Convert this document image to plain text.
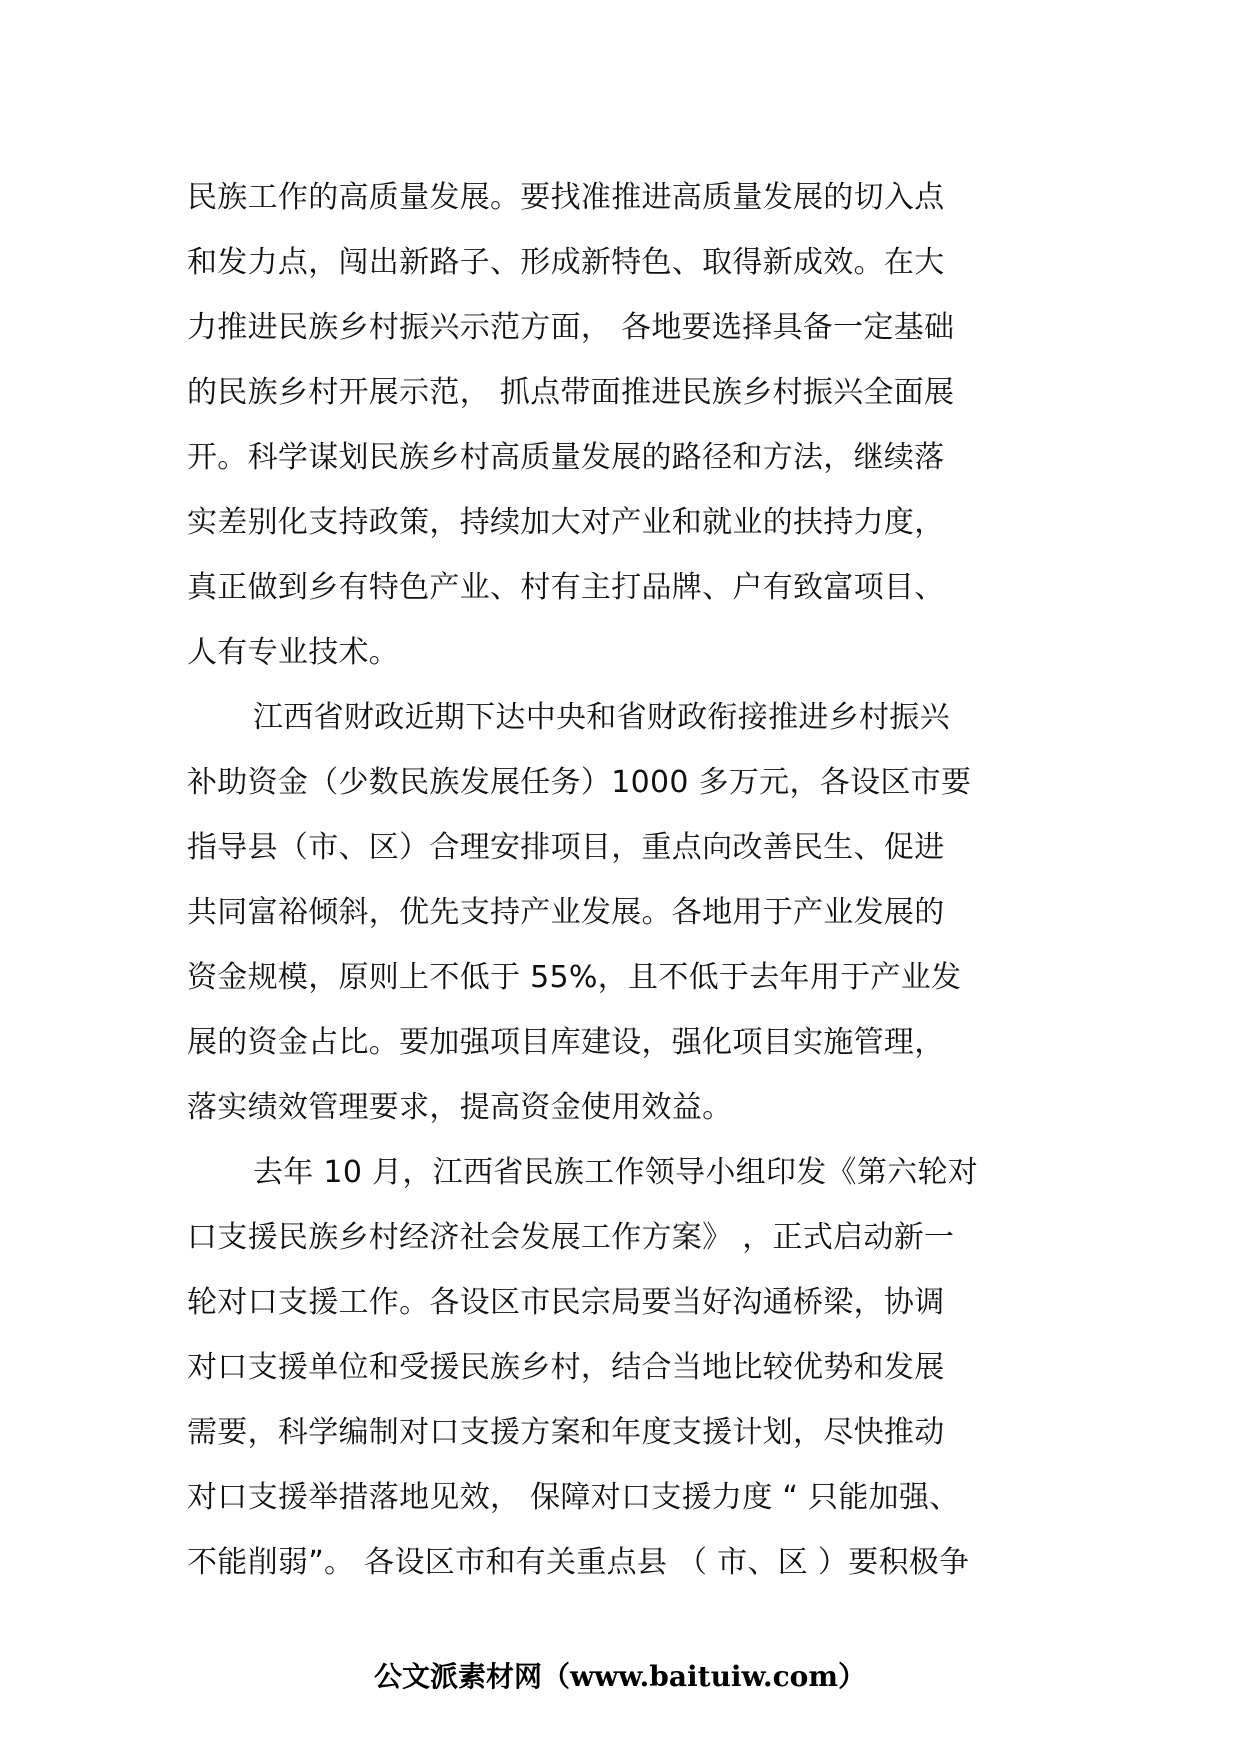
民族工作的高质量发展。要找准推进高质量发展的切入点
和发力点，闯出新路子、形成新特色、取得新成效。在大
力推进民族乡村振兴示范方面， 各地要选择具备一定基础
的民族乡村开展示范， 抓点带面推进民族乡村振兴全面展
开。科学谋划民族乡村高质量发展的路径和方法，继续落
实差别化支持政策，持续加大对产业和就业的扶持力度，
真正做到乡有特色产业、村有主打品牌、户有致富项目、
人有专业技术。
江西省财政近期下达中央和省财政衔接推进乡村振兴
补助资金（少数民族发展任务）1000 多万元，各设区市要
指导县（市、区）合理安排项目，重点向改善民生、促进
共同富裕倾斜，优先支持产业发展。各地用于产业发展的
资金规模，原则上不低于 55%，且不低于去年用于产业发
展的资金占比。要加强项目库建设，强化项目实施管理，
落实绩效管理要求，提高资金使用效益。
去年 10 月，江西省民族工作领导小组印发《第六轮对
口支援民族乡村经济社会发展工作方案》 ，正式启动新一
轮对口支援工作。各设区市民宗局要当好沟通桥梁，协调
对口支援单位和受援民族乡村，结合当地比较优势和发展
需要，科学编制对口支援方案和年度支援计划，尽快推动
对口支援举措落地见效， 保障对口支援力度 “ 只能加强、
不能削弱”。 各设区市和有关重点县 （ 市、区 ）要积极争
公文派素材网（www.baituiw.com）
